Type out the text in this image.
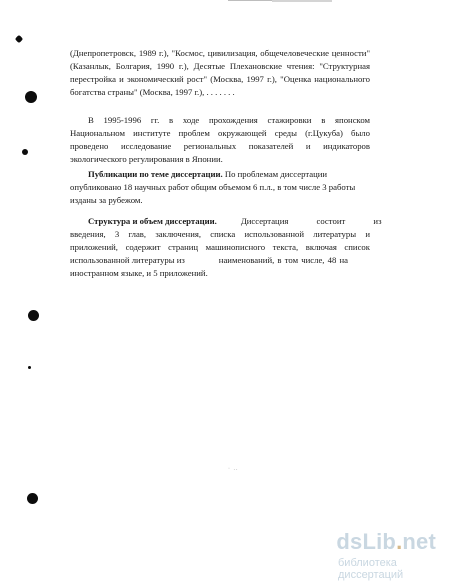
(Днепропетровск, 1989 г.), "Космос, цивилизация, общечеловеческие ценности"
(Казанлык, Болгария, 1990 г.), Десятые Плехановские чтения: "Структурная
перестройка и экономический рост" (Москва, 1997 г.), "Оценка национального
богатства страны" (Москва, 1997 г.), . . . . . . .
В 1995-1996 гг. в ходе прохождения стажировки в японском
Национальном институте проблем окружающей среды (г.Цукуба) было
проведено исследование региональных показателей и индикаторов
экологического регулирования в Японии.
Публикации по теме диссертации. По проблемам диссертации
опубликовано 18 научных работ общим объемом 6 п.л., в том числе 3 работы
изданы за рубежом.
Структура и объем диссертации.	Диссертация состоит из
введения, 3 глав, заключения, списка использованной литературы и
приложений, содержит страниц машинописного текста, включая список
использованной литературы из	наименований, в том числе, 48 на
иностранном языке, и 5 приложений.
· ..
dsLib.net
библиотека диссертаций
